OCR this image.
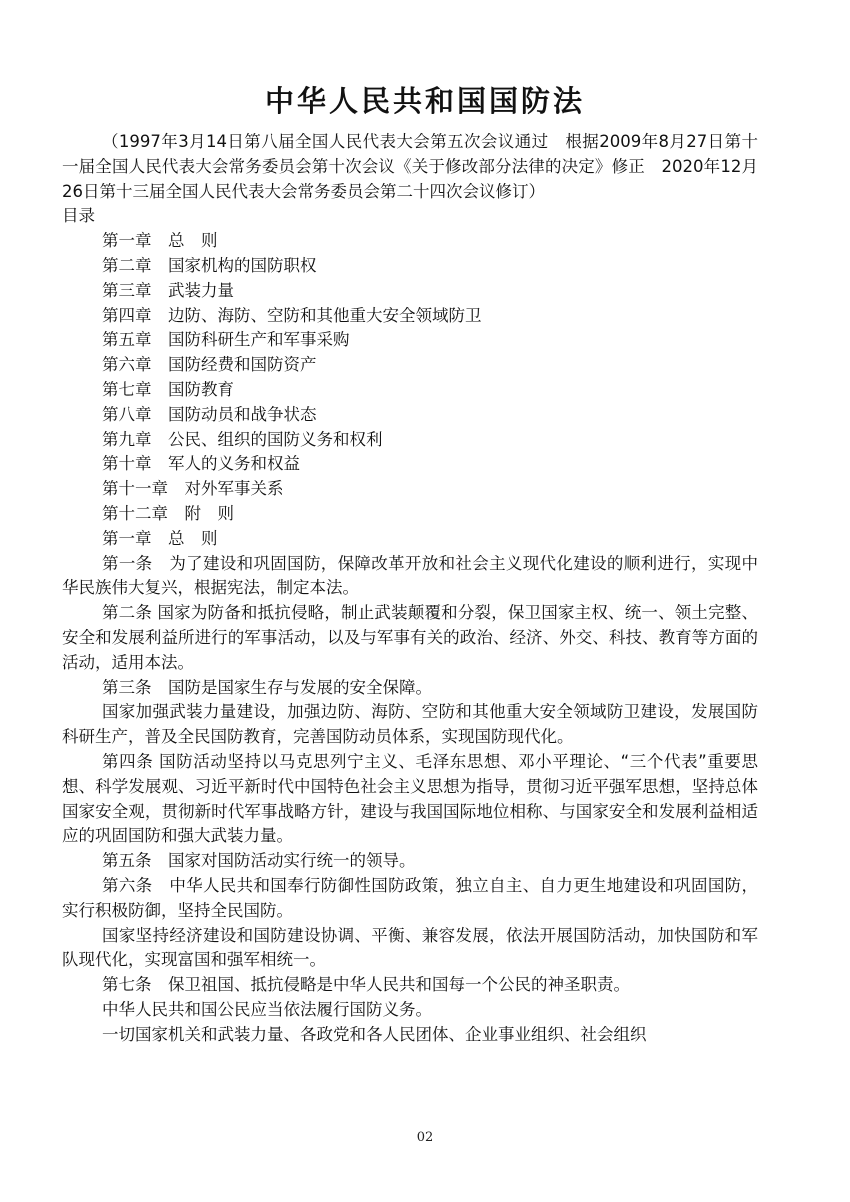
中华人民共和国国防法

（1997年3月14日第八届全国人民代表大会第五次会议通过　根据2009年8月27日第十一届全国人民代表大会常务委员会第十次会议《关于修改部分法律的决定》修正　2020年12月26日第十三届全国人民代表大会常务委员会第二十四次会议修订）

目录

第一章　总　则

第二章　国家机构的国防职权

第三章　武装力量

第四章　边防、海防、空防和其他重大安全领域防卫

第五章　国防科研生产和军事采购

第六章　国防经费和国防资产

第七章　国防教育

第八章　国防动员和战争状态

第九章　公民、组织的国防义务和权利

第十章　军人的义务和权益

第十一章　对外军事关系

第十二章　附　则

第一章　总　则

第一条　为了建设和巩固国防，保障改革开放和社会主义现代化建设的顺利进行，实现中华民族伟大复兴，根据宪法，制定本法。

第二条 国家为防备和抵抗侵略，制止武装颠覆和分裂，保卫国家主权、统一、领土完整、安全和发展利益所进行的军事活动，以及与军事有关的政治、经济、外交、科技、教育等方面的活动，适用本法。

第三条　国防是国家生存与发展的安全保障。

国家加强武装力量建设，加强边防、海防、空防和其他重大安全领域防卫建设，发展国防科研生产，普及全民国防教育，完善国防动员体系，实现国防现代化。

第四条 国防活动坚持以马克思列宁主义、毛泽东思想、邓小平理论、“三个代表”重要思想、科学发展观、习近平新时代中国特色社会主义思想为指导，贯彻习近平强军思想，坚持总体国家安全观，贯彻新时代军事战略方针，建设与我国国际地位相称、与国家安全和发展利益相适应的巩固国防和强大武装力量。

第五条　国家对国防活动实行统一的领导。

第六条　中华人民共和国奉行防御性国防政策，独立自主、自力更生地建设和巩固国防，实行积极防御，坚持全民国防。

国家坚持经济建设和国防建设协调、平衡、兼容发展，依法开展国防活动，加快国防和军队现代化，实现富国和强军相统一。

第七条　保卫祖国、抵抗侵略是中华人民共和国每一个公民的神圣职责。

中华人民共和国公民应当依法履行国防义务。

一切国家机关和武装力量、各政党和各人民团体、企业事业组织、社会组织

02
